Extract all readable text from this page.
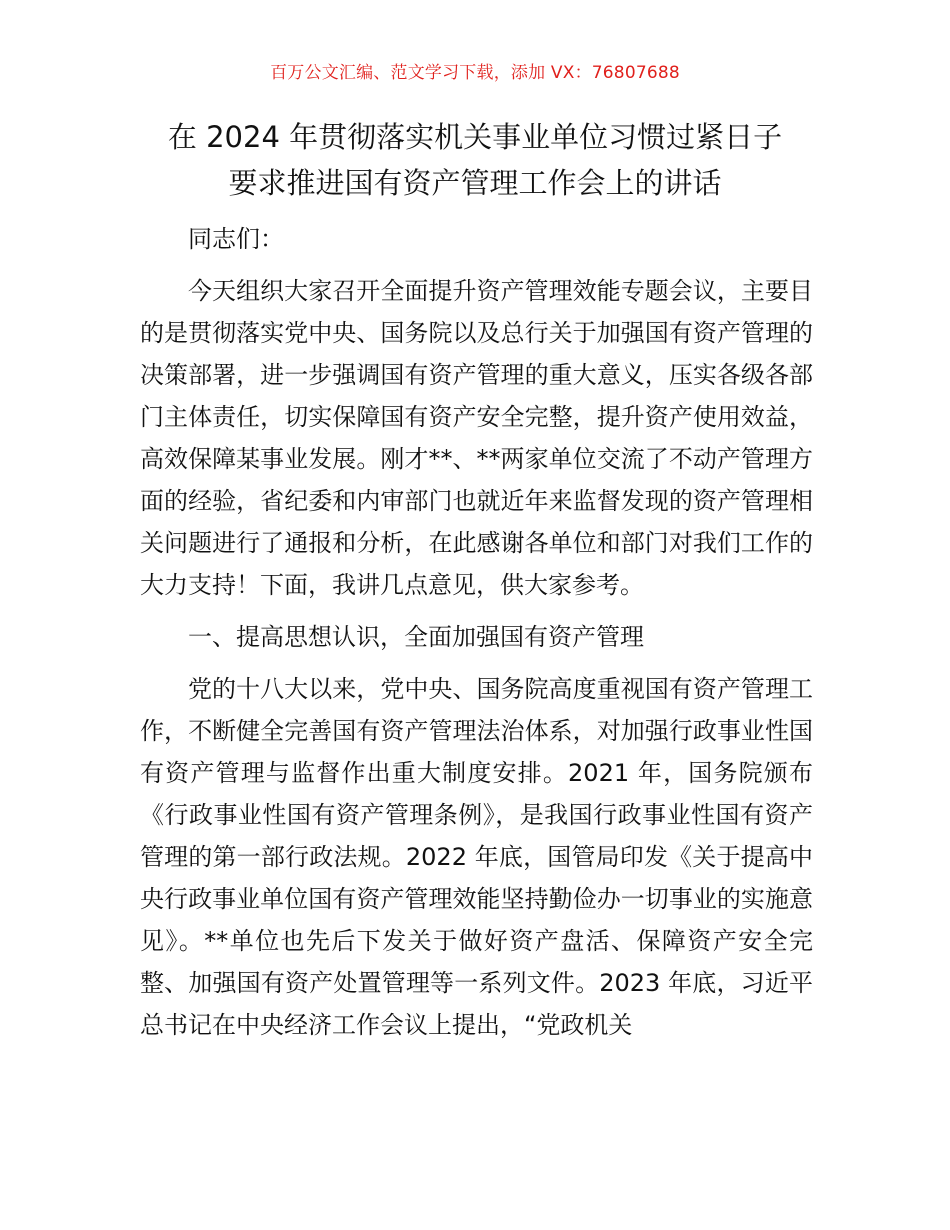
百万公文汇编、范文学习下载，添加 VX：76807688
在 2024 年贯彻落实机关事业单位习惯过紧日子
要求推进国有资产管理工作会上的讲话

同志们：

今天组织大家召开全面提升资产管理效能专题会议，主要目的是贯彻落实党中央、国务院以及总行关于加强国有资产管理的决策部署，进一步强调国有资产管理的重大意义，压实各级各部门主体责任，切实保障国有资产安全完整，提升资产使用效益，高效保障某事业发展。刚才**、**两家单位交流了不动产管理方面的经验，省纪委和内审部门也就近年来监督发现的资产管理相关问题进行了通报和分析，在此感谢各单位和部门对我们工作的大力支持！下面，我讲几点意见，供大家参考。

一、提高思想认识，全面加强国有资产管理

党的十八大以来，党中央、国务院高度重视国有资产管理工作，不断健全完善国有资产管理法治体系，对加强行政事业性国有资产管理与监督作出重大制度安排。2021 年，国务院颁布《行政事业性国有资产管理条例》，是我国行政事业性国有资产管理的第一部行政法规。2022 年底，国管局印发《关于提高中央行政事业单位国有资产管理效能坚持勤俭办一切事业的实施意见》。**单位也先后下发关于做好资产盘活、保障资产安全完整、加强国有资产处置管理等一系列文件。2023 年底，习近平总书记在中央经济工作会议上提出，“党政机关
